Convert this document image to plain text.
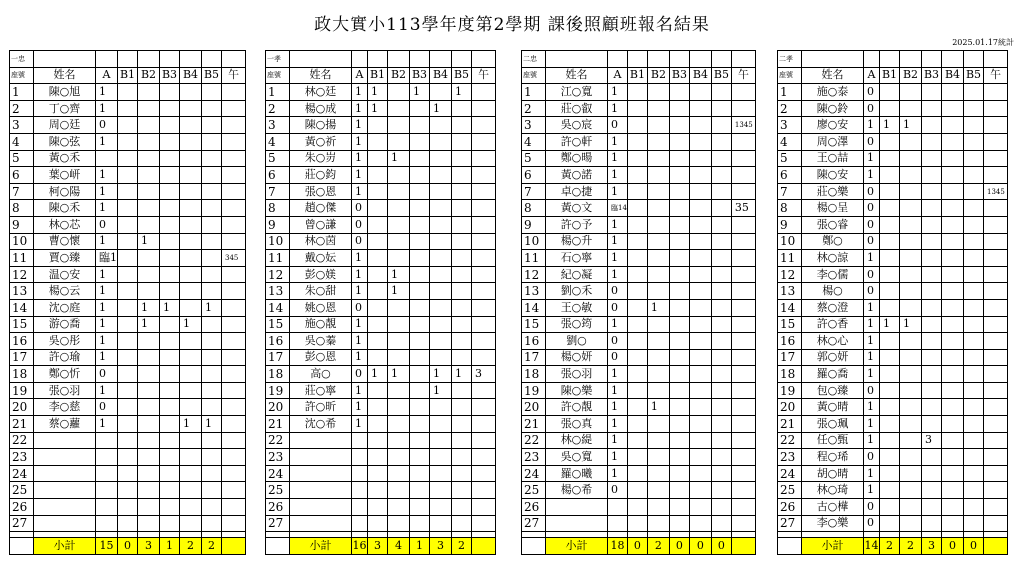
政大實小113學年度第2學期 課後照顧班報名結果
2025.01.17統計
一忠								
座號	姓名	A	B1	B2	B3	B4	B5	午
1	陳○旭	1						
2	丁○齊	1						
3	周○廷	0						
4	陳○弦	1						
5	黃○禾							
6	葉○岍	1						
7	柯○陽	1						
8	陳○禾	1						
9	林○芯	0						
10	曹○懷	1		1				
11	賈○臻	臨1						345
12	温○安	1						
13	楊○云	1						
14	沈○庭	1		1	1		1	
15	游○喬	1		1		1		
16	吳○彤	1						
17	許○瑜	1						
18	鄭○忻	0						
19	張○羽	1						
20	李○慈	0						
21	蔡○蘿	1				1	1	
22								
23								
24								
25								
26								
27								

	小計	15	0	3	1	2	2	
一孝								
座號	姓名	A	B1	B2	B3	B4	B5	午
1	林○廷	1	1		1		1	
2	楊○成	1	1			1		
3	陳○揚	1						
4	黃○祈	1						
5	朱○岃	1		1				
6	莊○鈞	1						
7	張○恩	1						
8	趙○傑	0						
9	曾○謙	0						
10	林○茵	0						
11	戴○妘	1						
12	彭○媄	1		1				
13	朱○甜	1		1				
14	姚○恩	0						
15	施○靚	1						
16	吳○蓁	1						
17	彭○恩	1						
18	高○	0	1	1		1	1	3
19	莊○寧	1				1		
20	許○昕	1						
21	沈○希	1						
22								
23								
24								
25								
26								
27								

	小計	16	3	4	1	3	2	
二忠								
座號	姓名	A	B1	B2	B3	B4	B5	午
1	江○寬	1						
2	莊○叡	1						
3	吳○宸	0						1345
4	許○軒	1						
5	鄭○暘	1						
6	黃○諾	1						
7	卓○捷	1						
8	黃○文	臨14						35
9	許○予	1						
10	楊○升	1						
11	石○寧	1						
12	紀○凝	1						
13	劉○禾	0						
14	王○敏	0		1				
15	張○筠	1						
16	劉○	0						
17	楊○妍	0						
18	張○羽	1						
19	陳○樂	1						
20	許○靚	1		1				
21	張○真	1						
22	林○緹	1						
23	吳○寬	1						
24	羅○曦	1						
25	楊○希	0						
26								
27								

	小計	18	0	2	0	0	0	
二孝								
座號	姓名	A	B1	B2	B3	B4	B5	午
1	施○泰	0						
2	陳○鈴	0						
3	廖○安	1	1	1				
4	周○澤	0						
5	王○喆	1						
6	陳○安	1						
7	莊○樂	0						1345
8	楊○呈	0						
9	張○睿	0						
10	鄭○	0						
11	林○諒	1						
12	李○儒	0						
13	楊○	0						
14	蔡○澄	1						
15	許○香	1	1	1				
16	林○心	1						
17	郭○妍	1						
18	羅○喬	1						
19	包○臻	0						
20	黃○晴	1						
21	張○珮	1						
22	任○甄	1			3			
23	程○琋	0						
24	胡○晴	1						
25	林○琦	1						
26	古○樺	0						
27	李○樂	0						

	小計	14	2	2	3	0	0	
